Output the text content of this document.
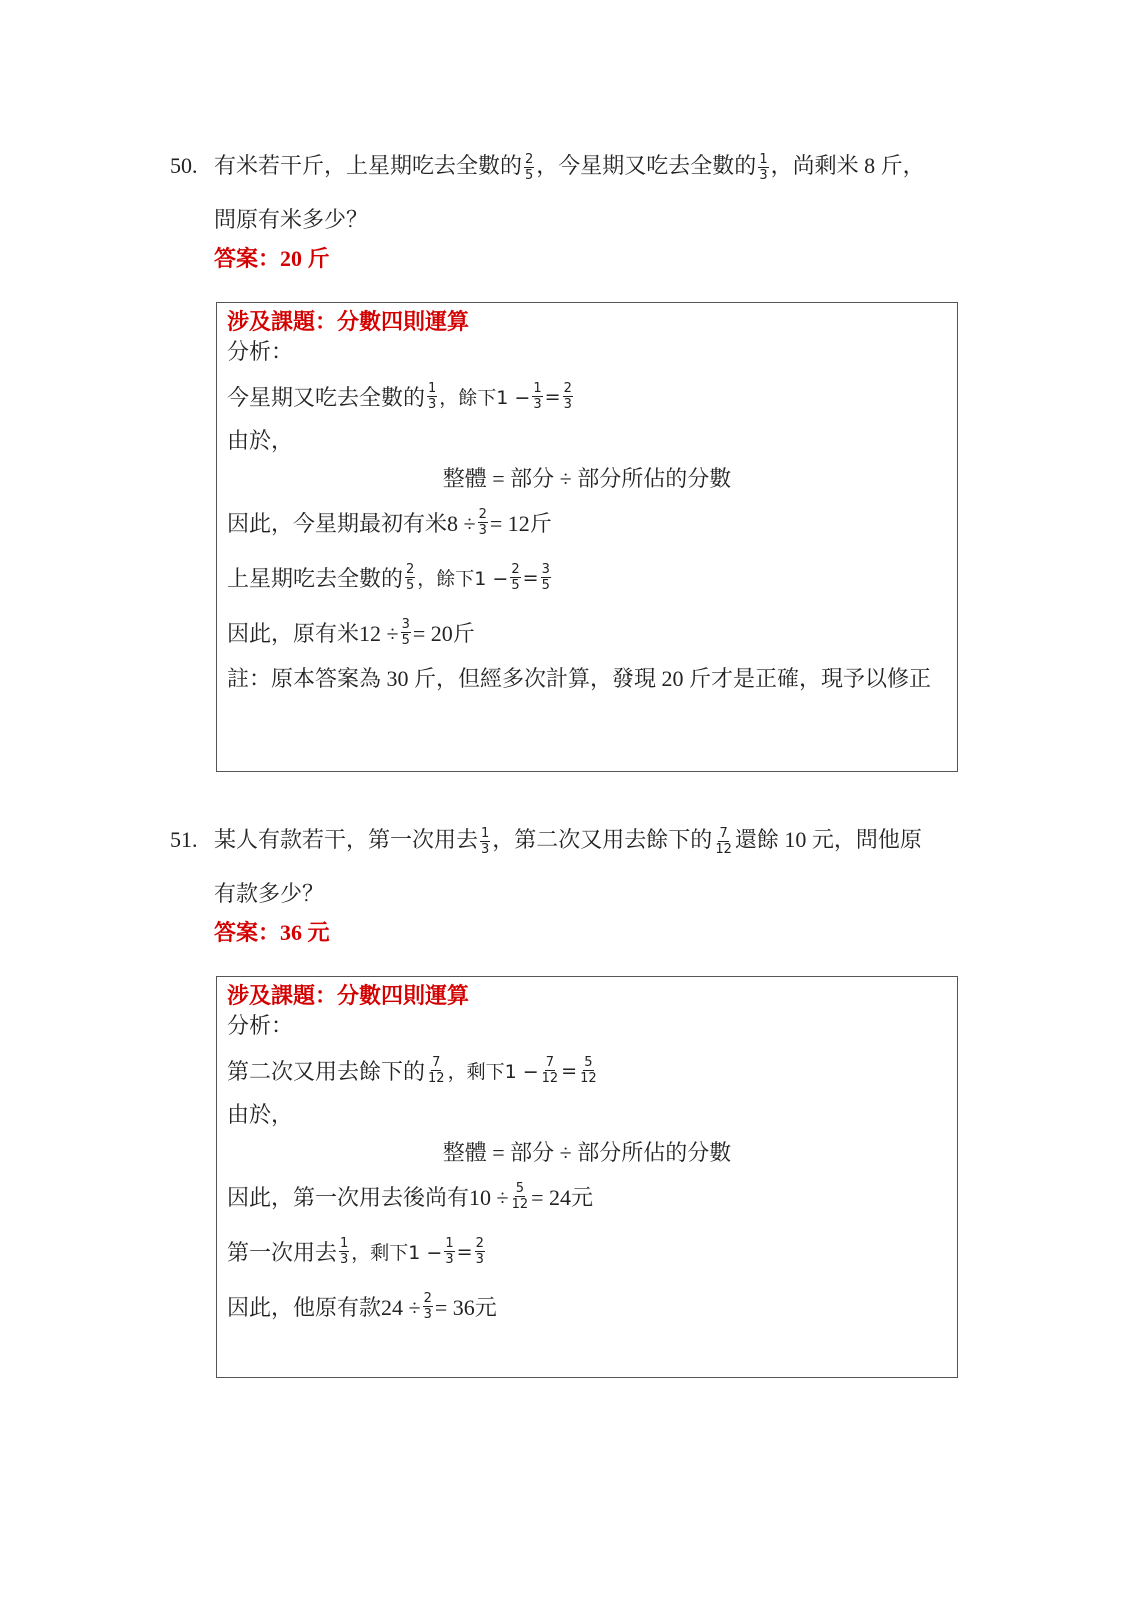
50. 有米若干斤，上星期吃去全數的 $\frac{2}{5}$ ，今星期又吃去全數的 $\frac{1}{3}$ ，尚剩米 8 斤，
問原有米多少？
答案：20 斤
涉及課題：分數四則運算
分析：
今星期又吃去全數的 $\frac{1}{3}$ ，餘下$1 - \frac{1}{3} = \frac{2}{3}$
由於，
整體 = 部分 ÷ 部分所佔的分數
因此，今星期最初有米$8 \div \frac{2}{3} = 12$斤
上星期吃去全數的 $\frac{2}{5}$ ，餘下$1 - \frac{2}{5} = \frac{3}{5}$
因此，原有米$12 \div \frac{3}{5} = 20$斤
註：原本答案為 30 斤，但經多次計算，發現 20 斤才是正確，現予以修正
51. 某人有款若干，第一次用去 $\frac{1}{3}$ ，第二次又用去餘下的 $\frac{7}{12}$ 還餘 10 元，問他原
有款多少？
答案：36 元
涉及課題：分數四則運算
分析：
第二次又用去餘下的 $\frac{7}{12}$ ，剩下$1 - \frac{7}{12} = \frac{5}{12}$
由於，
整體 = 部分 ÷ 部分所佔的分數
因此，第一次用去後尚有$10 \div \frac{5}{12} = 24$元
第一次用去 $\frac{1}{3}$ ，剩下$1 - \frac{1}{3} = \frac{2}{3}$
因此，他原有款$24 \div \frac{2}{3} = 36$元
